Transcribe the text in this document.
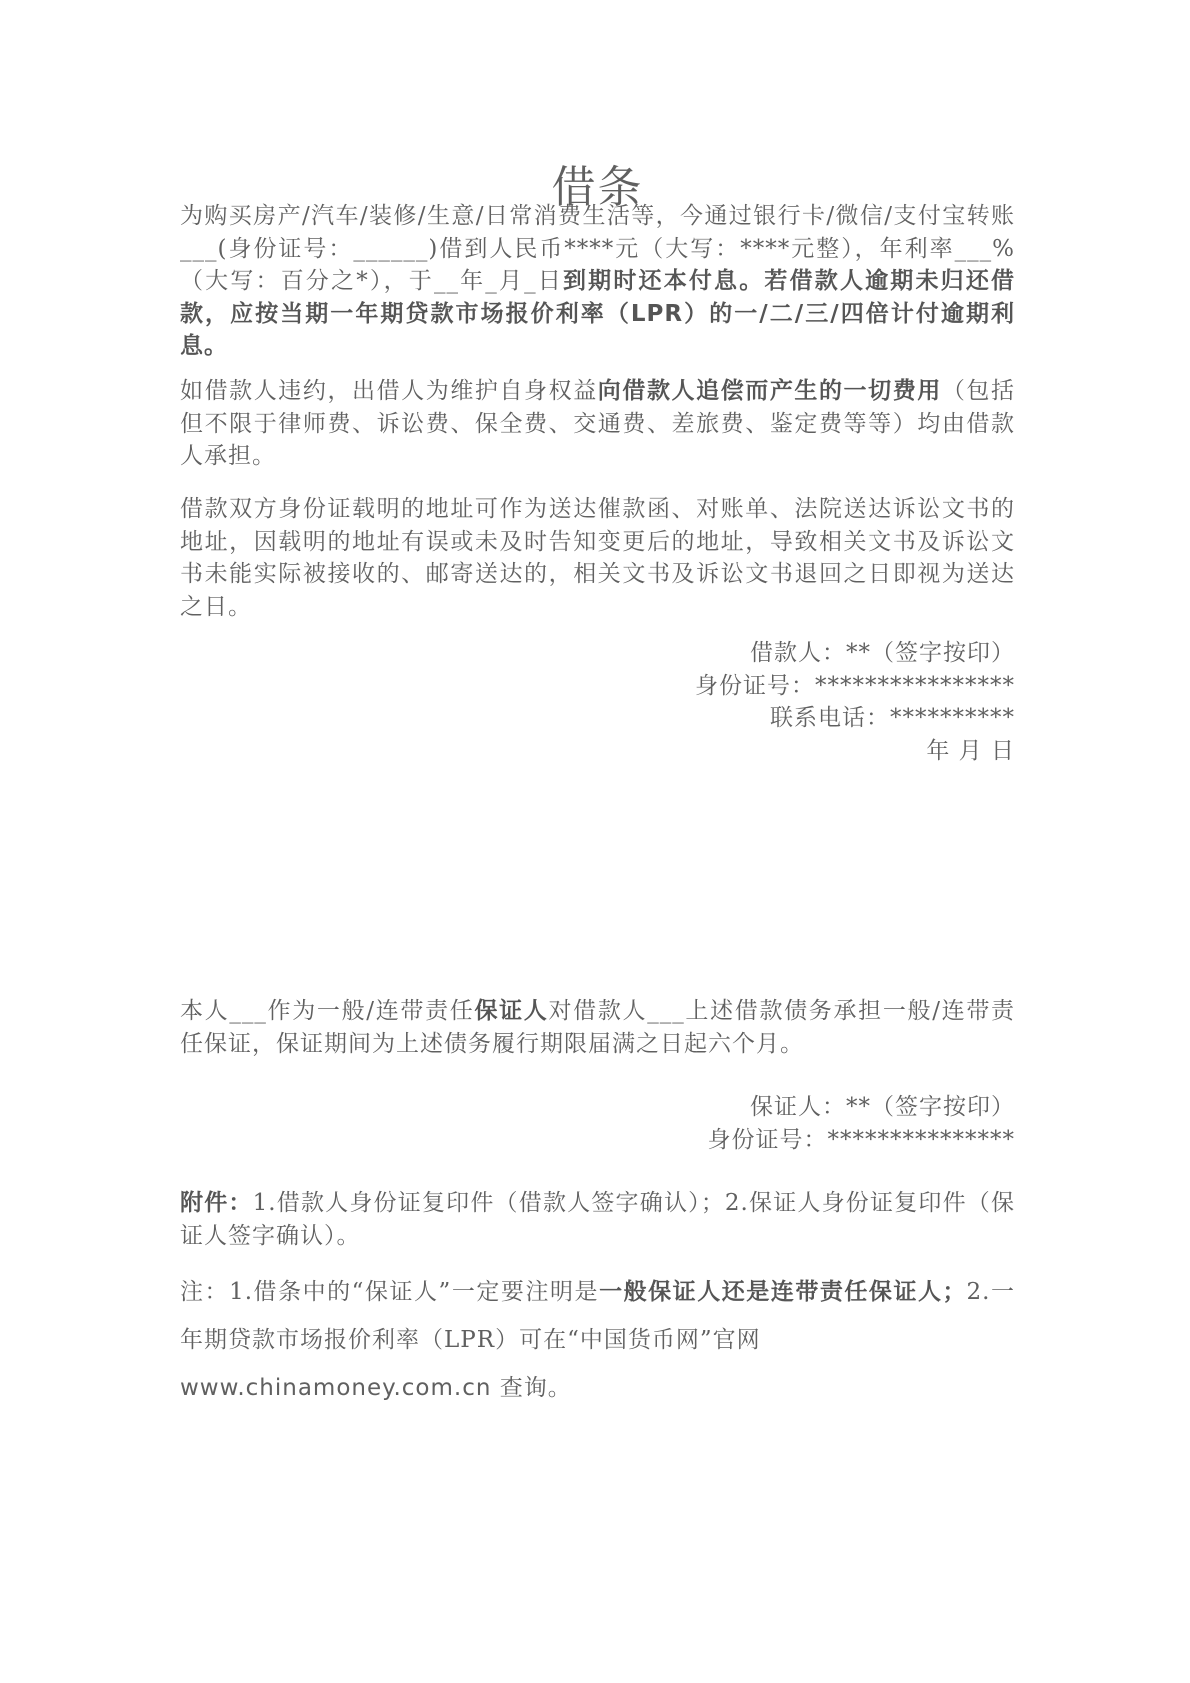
借条

为购买房产/汽车/装修/生意/日常消费生活等，今通过银行卡/微信/支付宝转账___(身份证号：______)借到人民币****元（大写：****元整），年利率___%（大写：百分之*），于__年_月_日到期时还本付息。若借款人逾期未归还借款，应按当期一年期贷款市场报价利率（LPR）的一/二/三/四倍计付逾期利息。

如借款人违约，出借人为维护自身权益向借款人追偿而产生的一切费用（包括但不限于律师费、诉讼费、保全费、交通费、差旅费、鉴定费等等）均由借款人承担。

借款双方身份证载明的地址可作为送达催款函、对账单、法院送达诉讼文书的地址，因载明的地址有误或未及时告知变更后的地址，导致相关文书及诉讼文书未能实际被接收的、邮寄送达的，相关文书及诉讼文书退回之日即视为送达之日。

借款人：**（签字按印）
身份证号：****************
联系电话：**********
年 月 日

本人___作为一般/连带责任保证人对借款人___上述借款债务承担一般/连带责任保证，保证期间为上述债务履行期限届满之日起六个月。

保证人：**（签字按印）
身份证号：***************

附件：1.借款人身份证复印件（借款人签字确认）；2.保证人身份证复印件（保证人签字确认）。

注：1.借条中的“保证人”一定要注明是一般保证人还是连带责任保证人；2.一年期贷款市场报价利率（LPR）可在“中国货币网”官网
www.chinamoney.com.cn 查询。
